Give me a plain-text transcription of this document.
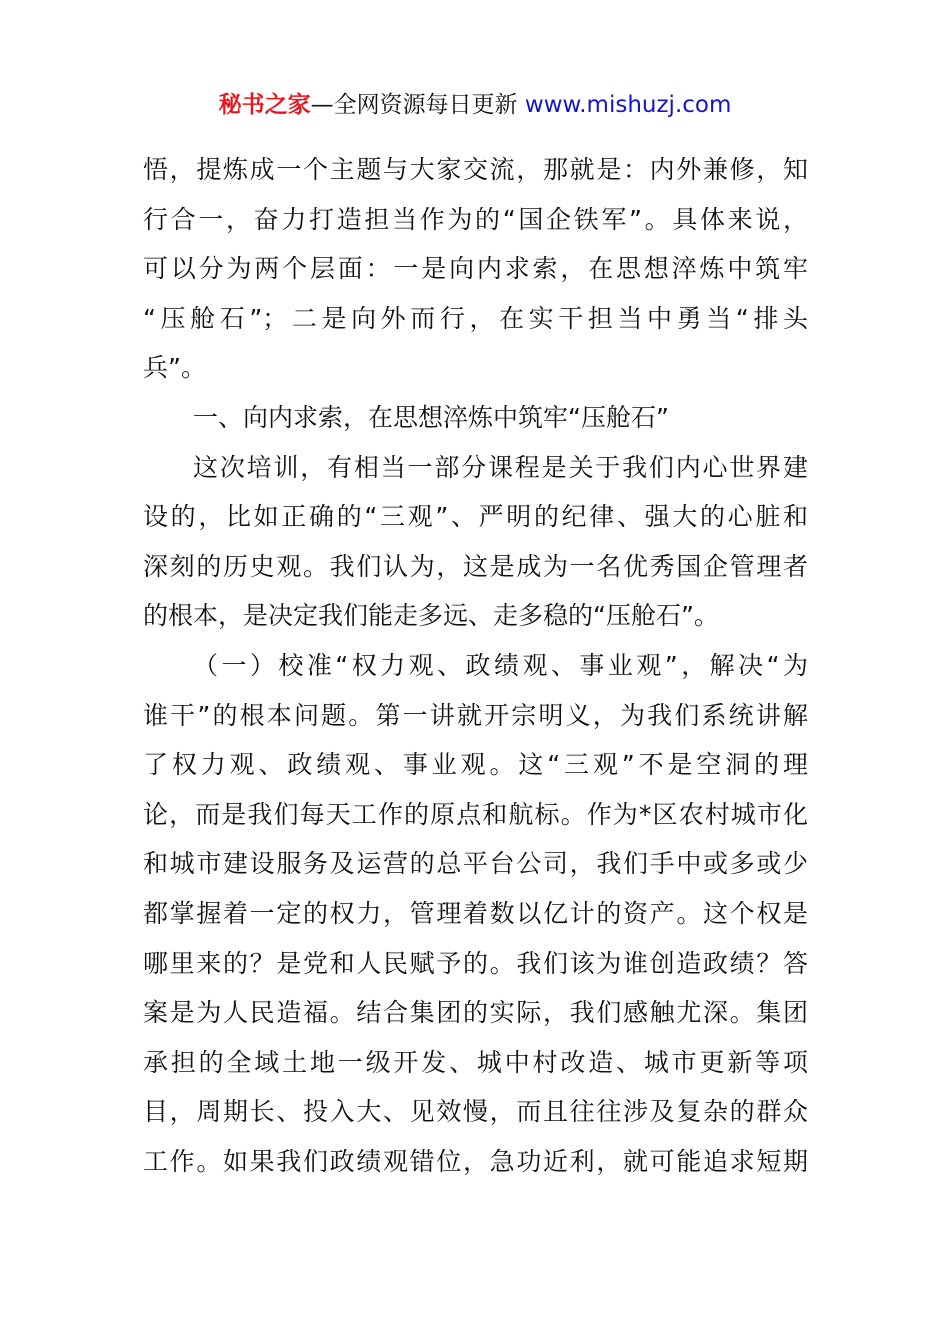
秘书之家—全网资源每日更新 www.mishuzj.com
悟，提炼成一个主题与大家交流，那就是：内外兼修，知
行合一，奋力打造担当作为的“国企铁军”。具体来说，
可以分为两个层面：一是向内求索，在思想淬炼中筑牢
“压舱石”；二是向外而行，在实干担当中勇当“排头
兵”。
一、向内求索，在思想淬炼中筑牢“压舱石”
这次培训，有相当一部分课程是关于我们内心世界建
设的，比如正确的“三观”、严明的纪律、强大的心脏和
深刻的历史观。我们认为，这是成为一名优秀国企管理者
的根本，是决定我们能走多远、走多稳的“压舱石”。
（一）校准“权力观、政绩观、事业观”，解决“为
谁干”的根本问题。第一讲就开宗明义，为我们系统讲解
了权力观、政绩观、事业观。这“三观”不是空洞的理
论，而是我们每天工作的原点和航标。作为*区农村城市化
和城市建设服务及运营的总平台公司，我们手中或多或少
都掌握着一定的权力，管理着数以亿计的资产。这个权是
哪里来的？是党和人民赋予的。我们该为谁创造政绩？答
案是为人民造福。结合集团的实际，我们感触尤深。集团
承担的全域土地一级开发、城中村改造、城市更新等项
目，周期长、投入大、见效慢，而且往往涉及复杂的群众
工作。如果我们政绩观错位，急功近利，就可能追求短期
